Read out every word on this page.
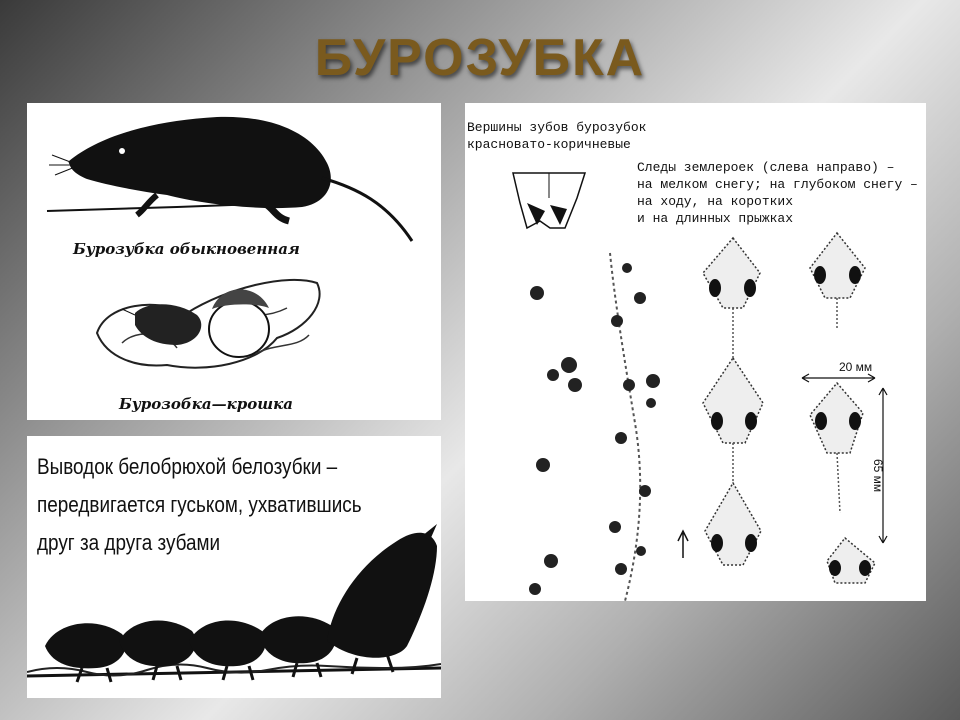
БУРОЗУБКА
Бурозубка обыкновенная
Бурозобка—крошка
Выводок белобрюхой белозубки –
передвигается гуськом, ухватившись
друг за друга зубами
Вершины зубов бурозубок
красновато-коричневые
Следы землероек (слева направо) –
на мелком снегу; на глубоком снегу –
на ходу, на коротких
и на длинных прыжках
20 мм
65 мм
